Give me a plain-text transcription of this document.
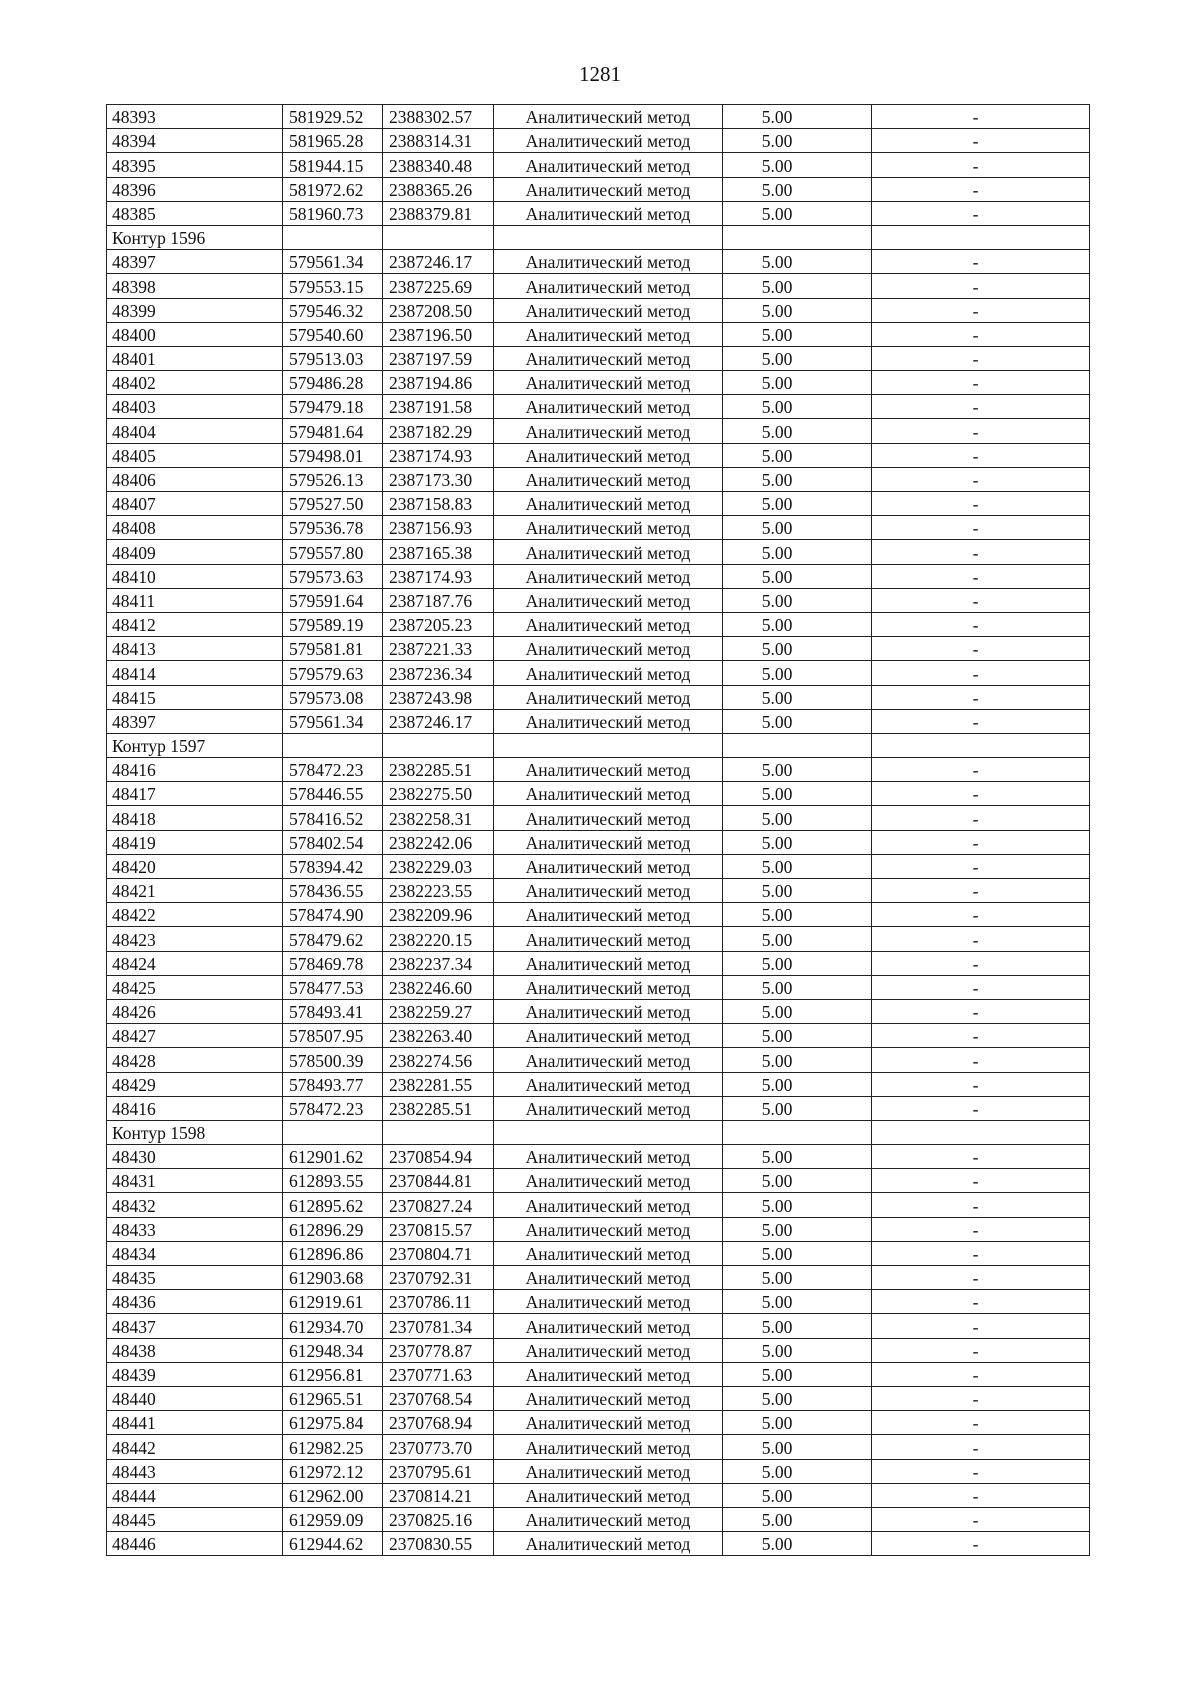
1281
48393	581929.52	2388302.57	Аналитический метод	5.00	-
48394	581965.28	2388314.31	Аналитический метод	5.00	-
48395	581944.15	2388340.48	Аналитический метод	5.00	-
48396	581972.62	2388365.26	Аналитический метод	5.00	-
48385	581960.73	2388379.81	Аналитический метод	5.00	-
Контур 1596					
48397	579561.34	2387246.17	Аналитический метод	5.00	-
48398	579553.15	2387225.69	Аналитический метод	5.00	-
48399	579546.32	2387208.50	Аналитический метод	5.00	-
48400	579540.60	2387196.50	Аналитический метод	5.00	-
48401	579513.03	2387197.59	Аналитический метод	5.00	-
48402	579486.28	2387194.86	Аналитический метод	5.00	-
48403	579479.18	2387191.58	Аналитический метод	5.00	-
48404	579481.64	2387182.29	Аналитический метод	5.00	-
48405	579498.01	2387174.93	Аналитический метод	5.00	-
48406	579526.13	2387173.30	Аналитический метод	5.00	-
48407	579527.50	2387158.83	Аналитический метод	5.00	-
48408	579536.78	2387156.93	Аналитический метод	5.00	-
48409	579557.80	2387165.38	Аналитический метод	5.00	-
48410	579573.63	2387174.93	Аналитический метод	5.00	-
48411	579591.64	2387187.76	Аналитический метод	5.00	-
48412	579589.19	2387205.23	Аналитический метод	5.00	-
48413	579581.81	2387221.33	Аналитический метод	5.00	-
48414	579579.63	2387236.34	Аналитический метод	5.00	-
48415	579573.08	2387243.98	Аналитический метод	5.00	-
48397	579561.34	2387246.17	Аналитический метод	5.00	-
Контур 1597					
48416	578472.23	2382285.51	Аналитический метод	5.00	-
48417	578446.55	2382275.50	Аналитический метод	5.00	-
48418	578416.52	2382258.31	Аналитический метод	5.00	-
48419	578402.54	2382242.06	Аналитический метод	5.00	-
48420	578394.42	2382229.03	Аналитический метод	5.00	-
48421	578436.55	2382223.55	Аналитический метод	5.00	-
48422	578474.90	2382209.96	Аналитический метод	5.00	-
48423	578479.62	2382220.15	Аналитический метод	5.00	-
48424	578469.78	2382237.34	Аналитический метод	5.00	-
48425	578477.53	2382246.60	Аналитический метод	5.00	-
48426	578493.41	2382259.27	Аналитический метод	5.00	-
48427	578507.95	2382263.40	Аналитический метод	5.00	-
48428	578500.39	2382274.56	Аналитический метод	5.00	-
48429	578493.77	2382281.55	Аналитический метод	5.00	-
48416	578472.23	2382285.51	Аналитический метод	5.00	-
Контур 1598					
48430	612901.62	2370854.94	Аналитический метод	5.00	-
48431	612893.55	2370844.81	Аналитический метод	5.00	-
48432	612895.62	2370827.24	Аналитический метод	5.00	-
48433	612896.29	2370815.57	Аналитический метод	5.00	-
48434	612896.86	2370804.71	Аналитический метод	5.00	-
48435	612903.68	2370792.31	Аналитический метод	5.00	-
48436	612919.61	2370786.11	Аналитический метод	5.00	-
48437	612934.70	2370781.34	Аналитический метод	5.00	-
48438	612948.34	2370778.87	Аналитический метод	5.00	-
48439	612956.81	2370771.63	Аналитический метод	5.00	-
48440	612965.51	2370768.54	Аналитический метод	5.00	-
48441	612975.84	2370768.94	Аналитический метод	5.00	-
48442	612982.25	2370773.70	Аналитический метод	5.00	-
48443	612972.12	2370795.61	Аналитический метод	5.00	-
48444	612962.00	2370814.21	Аналитический метод	5.00	-
48445	612959.09	2370825.16	Аналитический метод	5.00	-
48446	612944.62	2370830.55	Аналитический метод	5.00	-
